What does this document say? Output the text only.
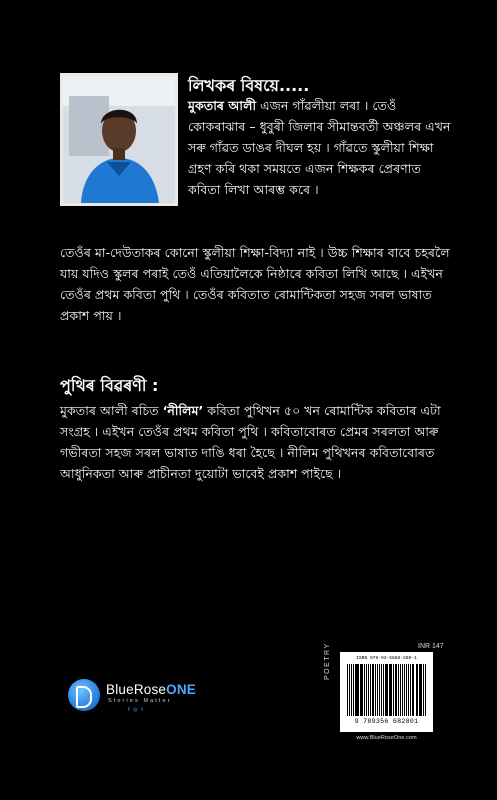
লিখকৰ বিষয়ে.....
মুকতাৰ আলী এজন গাঁৱলীয়া লৰা । তেওঁ কোকৰাঝাৰ – ধুবুৰী জিলাৰ সীমান্তবৰ্তী অঞ্চলৰ এখন সৰু গাঁৱত ডাঙৰ দীঘল হয় । গাঁৱতে স্কুলীয়া শিক্ষা গ্ৰহণ কৰি থকা সময়তে এজন শিক্ষকৰ প্ৰেৰণাত কবিতা লিখা আৰম্ভ কৰে ।
তেওঁৰ মা-দেউতাকৰ কোনো স্কুলীয়া শিক্ষা-বিদ্যা নাই । উচ্চ শিক্ষাৰ বাবে চহৰলৈ যায় যদিও স্কুলৰ পৰাই তেওঁ এতিয়ালৈকে নিষ্ঠাৰে কবিতা লিখি আছে । এইখন তেওঁৰ প্ৰথম কবিতা পুথি । তেওঁৰ কবিতাত ৰোমান্টিকতা সহজ সৰল ভাষাত প্ৰকাশ পায় ।
পুথিৰ বিৱৰণী :
মুকতাৰ আলী ৰচিত ‘নীলিম’ কবিতা পুথিখন ৫০ খন ৰোমান্টিক কবিতাৰ এটা সংগ্ৰহ । এইখন তেওঁৰ প্ৰথম কবিতা পুথি । কবিতাবোৰত প্ৰেমৰ সৰলতা আৰু গভীৰতা সহজ সৰল ভাষাত দাঙি ধৰা হৈছে । নীলিম পুথিখনৰ কবিতাবোৰত আধুনিকতা আৰু প্ৰাচীনতা দুয়োটা ভাবেই প্ৰকাশ পাইছে ।
BlueRoseONE
Stories Matter
f ◎ t
INR 147
POETRY	ISBN 978-93-5668-280-1
9 789356 682801
www.BlueRoseOne.com
